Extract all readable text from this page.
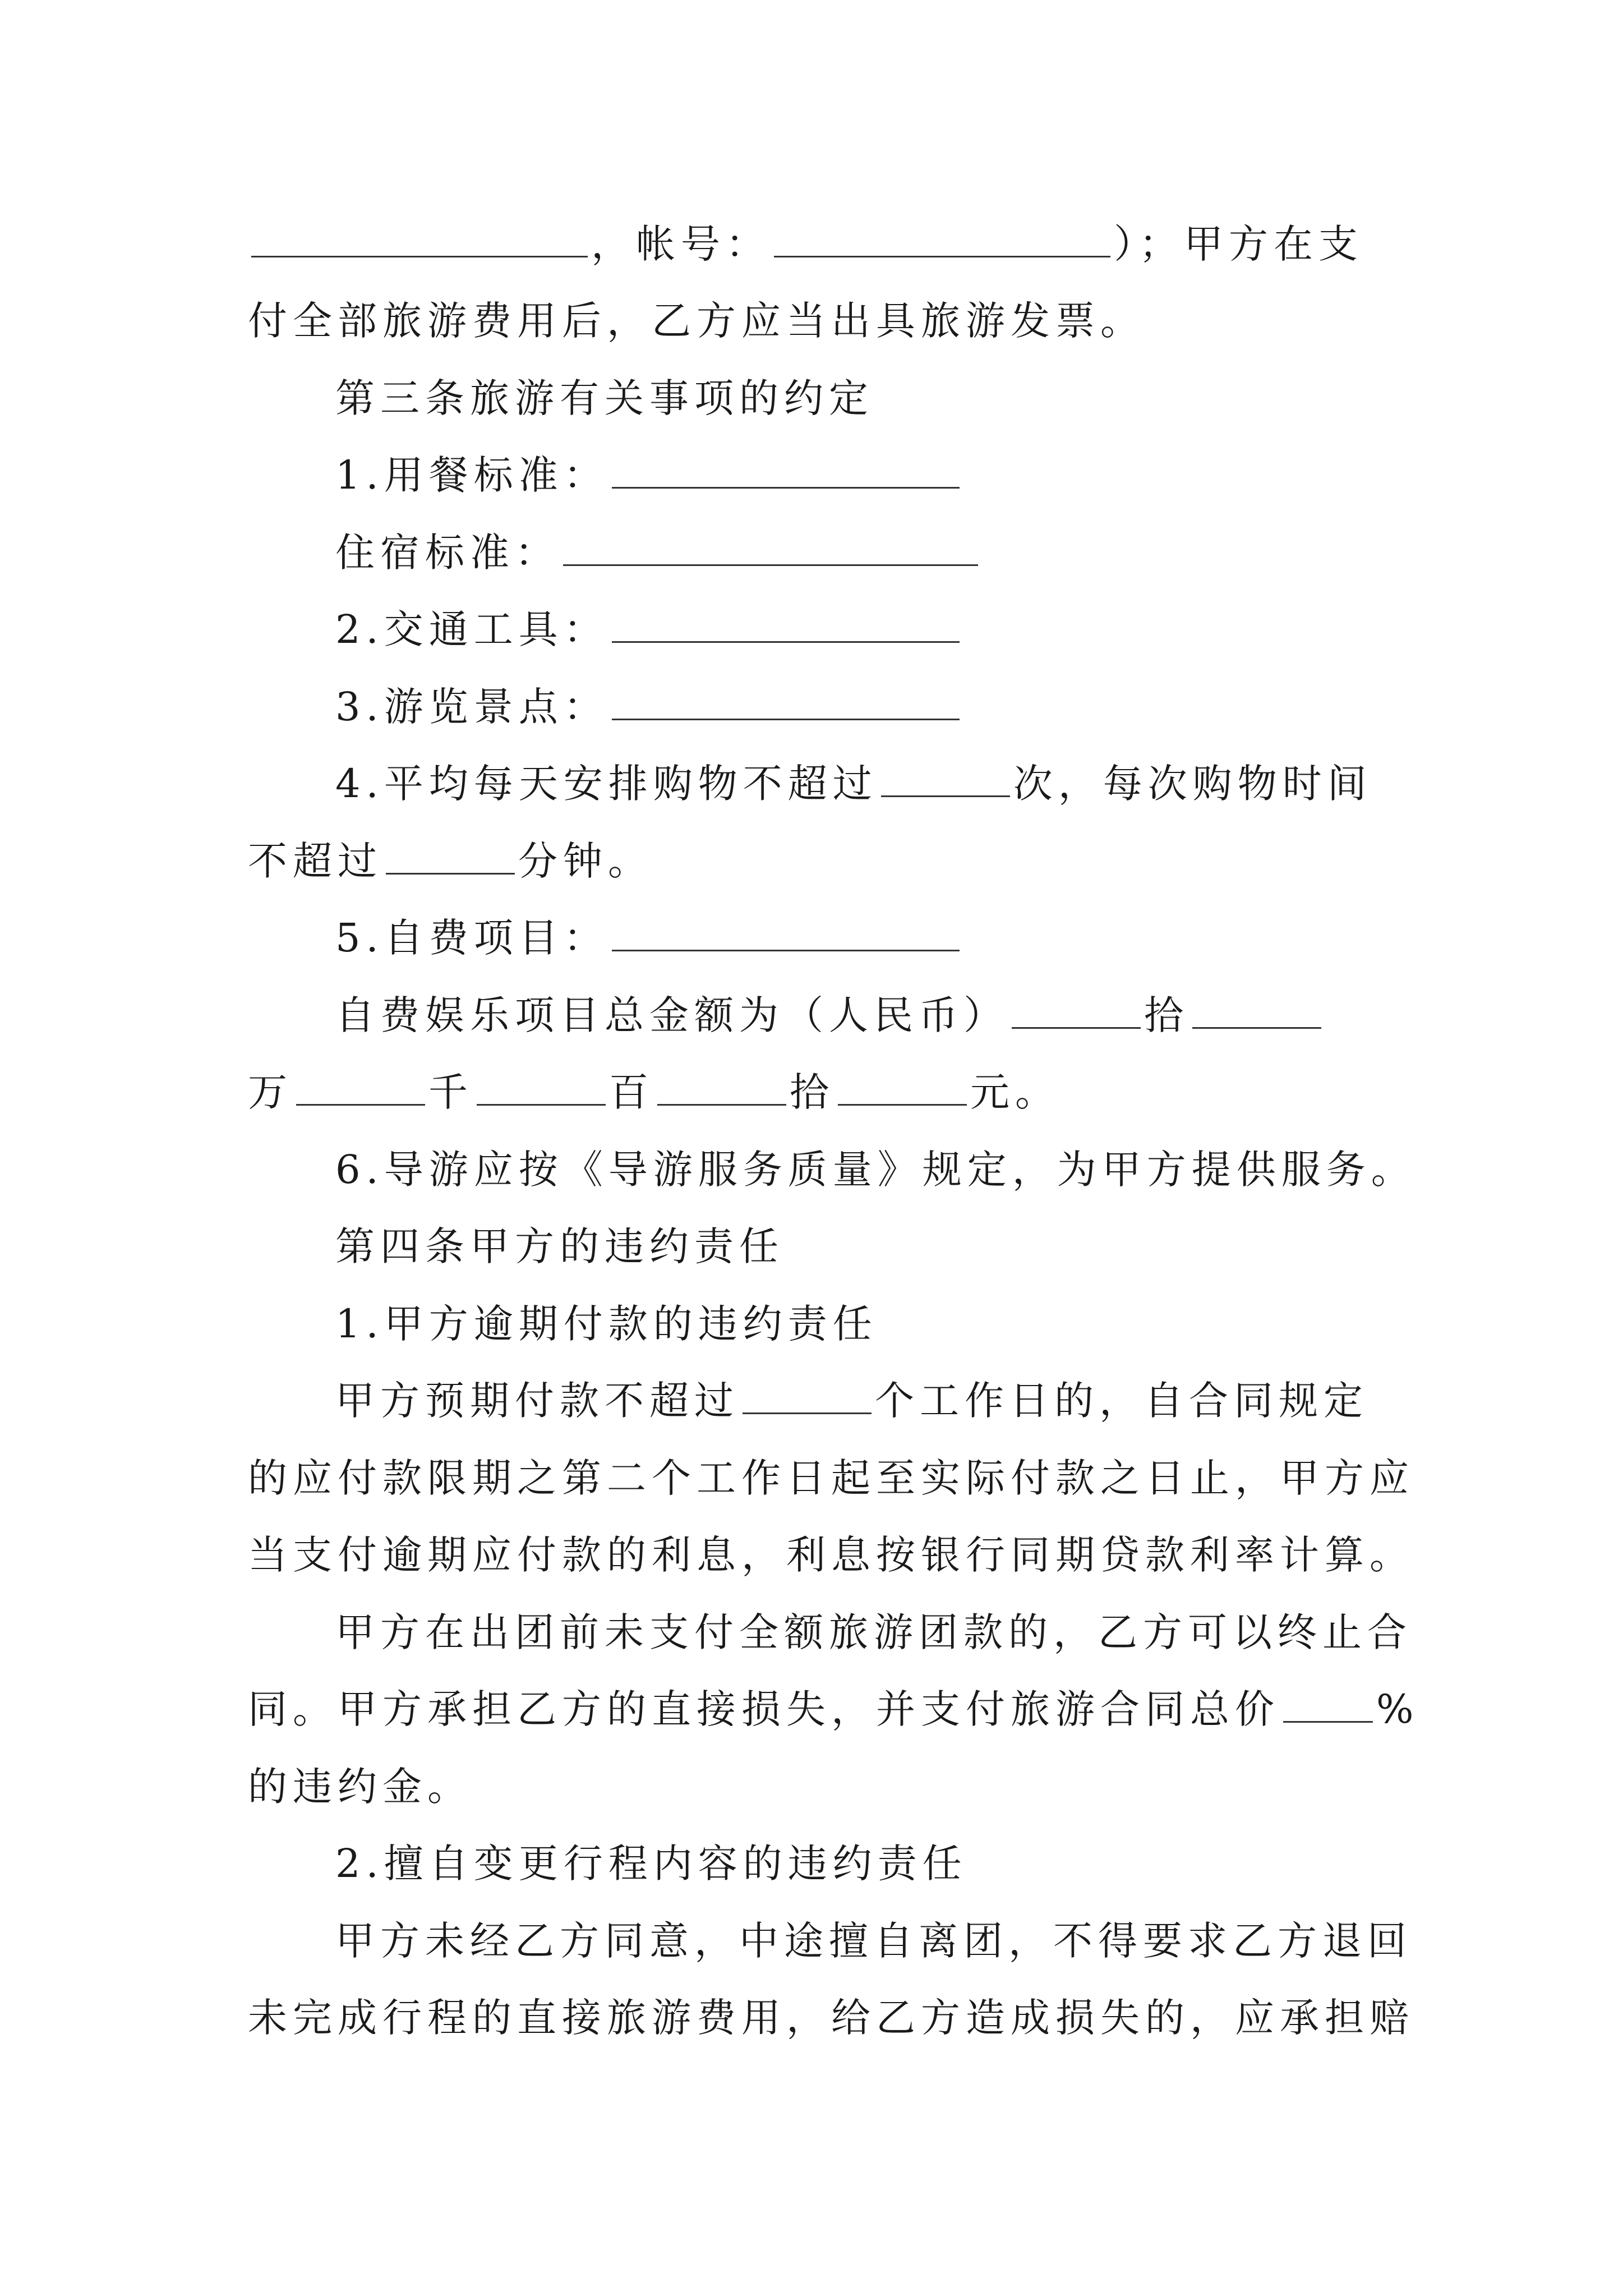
，帐号：	）；甲方在支
付全部旅游费用后，乙方应当出具旅游发票。
第三条旅游有关事项的约定
1.用餐标准：
住宿标准：
2.交通工具：
3.游览景点：
4.平均每天安排购物不超过	次，每次购物时间
不超过	分钟。
5.自费项目：
自费娱乐项目总金额为（人民币）	拾
万	千	百	拾	元。
6.导游应按《导游服务质量》规定，为甲方提供服务。
第四条甲方的违约责任
1.甲方逾期付款的违约责任
甲方预期付款不超过	个工作日的，自合同规定
的应付款限期之第二个工作日起至实际付款之日止，甲方应
当支付逾期应付款的利息，利息按银行同期贷款利率计算。
甲方在出团前未支付全额旅游团款的，乙方可以终止合
同。甲方承担乙方的直接损失，并支付旅游合同总价 %
的违约金。
2.擅自变更行程内容的违约责任
甲方未经乙方同意，中途擅自离团，不得要求乙方退回
未完成行程的直接旅游费用，给乙方造成损失的，应承担赔
